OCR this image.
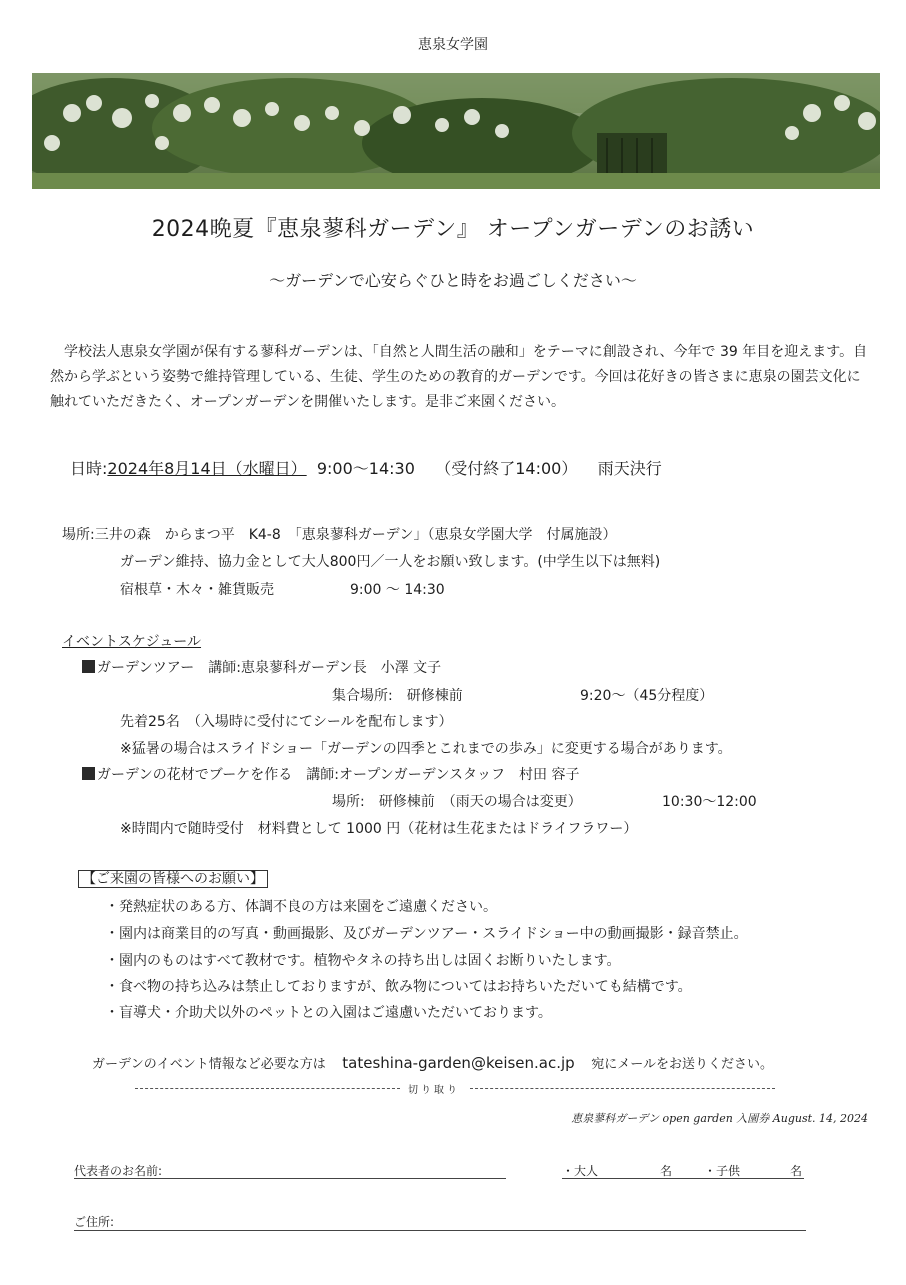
恵泉女学園
2024晩夏『恵泉蓼科ガーデン』 オープンガーデンのお誘い
〜ガーデンで心安らぐひと時をお過ごしください〜
学校法人恵泉女学園が保有する蓼科ガーデンは、「自然と人間生活の融和」をテーマに創設され、今年で 39 年目を迎えます。自然から学ぶという姿勢で維持管理している、生徒、学生のための教育的ガーデンです。今回は花好きの皆さまに恵泉の園芸文化に触れていただきたく、オープンガーデンを開催いたします。是非ご来園ください。
日時:2024年8月14日（水曜日） 9:00〜14:30 （受付終了14:00） 雨天決行
場所:三井の森　からまつ平　K4-8　「恵泉蓼科ガーデン」（恵泉女学園大学　付属施設）
ガーデン維持、協力金として大人800円／一人をお願い致します。(中学生以下は無料)
宿根草・木々・雑貨販売	9:00 〜 14:30
イベントスケジュール
ガーデンツアー　講師:恵泉蓼科ガーデン長　小澤 文子
集合場所:　研修棟前	9:20〜（45分程度）
先着25名　（入場時に受付にてシールを配布します）
※猛暑の場合はスライドショー「ガーデンの四季とこれまでの歩み」に変更する場合があります。
ガーデンの花材でブーケを作る　講師:オープンガーデンスタッフ　村田 容子
場所:　研修棟前　（雨天の場合は変更）	10:30〜12:00
※時間内で随時受付　材料費として 1000 円（花材は生花またはドライフラワー）
【ご来園の皆様へのお願い】
・発熱症状のある方、体調不良の方は来園をご遠慮ください。
・園内は商業目的の写真・動画撮影、及びガーデンツアー・スライドショー中の動画撮影・録音禁止。
・園内のものはすべて教材です。植物やタネの持ち出しは固くお断りいたします。
・食べ物の持ち込みは禁止しておりますが、飲み物についてはお持ちいただいても結構です。
・盲導犬・介助犬以外のペットとの入園はご遠慮いただいております。
ガーデンのイベント情報など必要な方は tateshina-garden@keisen.ac.jp 宛にメールをお送りください。
切り取り
恵泉蓼科ガーデン open garden 入園券 August. 14, 2024
代表者のお名前:	・大人	名	・子供	名
ご住所:
